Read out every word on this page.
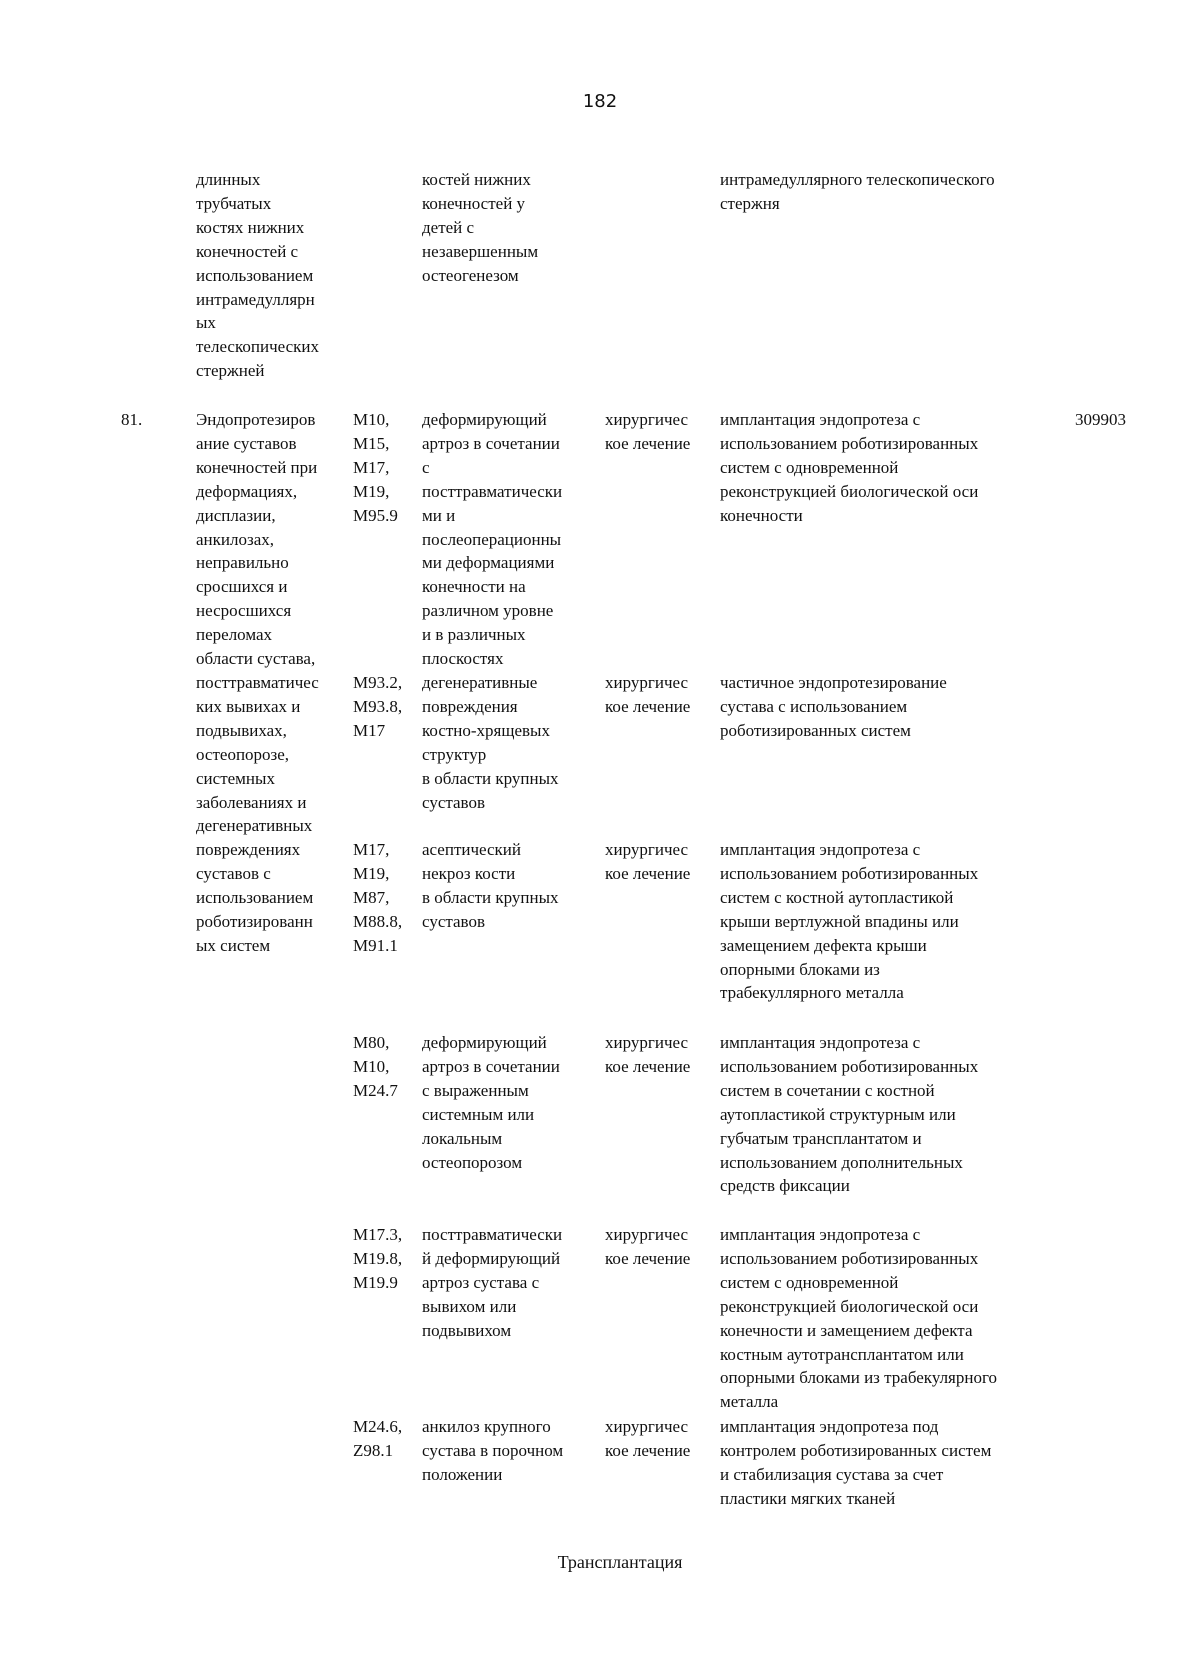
182
длинных
трубчатых
костях нижних
конечностей с
использованием
интрамедуллярн
ых
телескопических
стержней
костей нижних
конечностей у
детей с
незавершенным
остеогенезом
интрамедуллярного телескопического
стержня
81.	Эндопротезиров
ание суставов
конечностей при
деформациях,
дисплазии,
анкилозах,
неправильно
сросшихся и
несросшихся
переломах
области сустава,
M10,
M15,
M17,
M19,
M95.9
деформирующий
артроз в сочетании
с
посттравматически
ми и
послеоперационны
ми деформациями
конечности на
различном уровне
и в различных
плоскостях
хирургичес
кое лечение
имплантация эндопротеза с
использованием роботизированных
систем с одновременной
реконструкцией биологической оси
конечности
309903
посттравматичес
ких вывихах и
подвывихах,
остеопорозе,
системных
заболеваниях и
дегенеративных
M93.2,
M93.8,
M17
дегенеративные
повреждения
костно-хрящевых
структур
в области крупных
суставов
хирургичес
кое лечение
частичное эндопротезирование
сустава с использованием
роботизированных систем
повреждениях
суставов с
использованием
роботизированн
ых систем
M17,
M19,
M87,
M88.8,
M91.1
асептический
некроз кости
в области крупных
суставов
хирургичес
кое лечение
имплантация эндопротеза с
использованием роботизированных
систем с костной аутопластикой
крыши вертлужной впадины или
замещением дефекта крыши
опорными блоками из
трабекуллярного металла
M80,
M10,
M24.7
деформирующий
артроз в сочетании
с выраженным
системным или
локальным
остеопорозом
хирургичес
кое лечение
имплантация эндопротеза с
использованием роботизированных
систем в сочетании с костной
аутопластикой структурным или
губчатым трансплантатом и
использованием дополнительных
средств фиксации
M17.3,
M19.8,
M19.9
посттравматически
й деформирующий
артроз сустава с
вывихом или
подвывихом
хирургичес
кое лечение
имплантация эндопротеза с
использованием роботизированных
систем с одновременной
реконструкцией биологической оси
конечности и замещением дефекта
костным аутотрансплантатом или
опорными блоками из трабекулярного
металла
M24.6,
Z98.1
анкилоз крупного
сустава в порочном
положении
хирургичес
кое лечение
имплантация эндопротеза под
контролем роботизированных систем
и стабилизация сустава за счет
пластики мягких тканей
Трансплантация
